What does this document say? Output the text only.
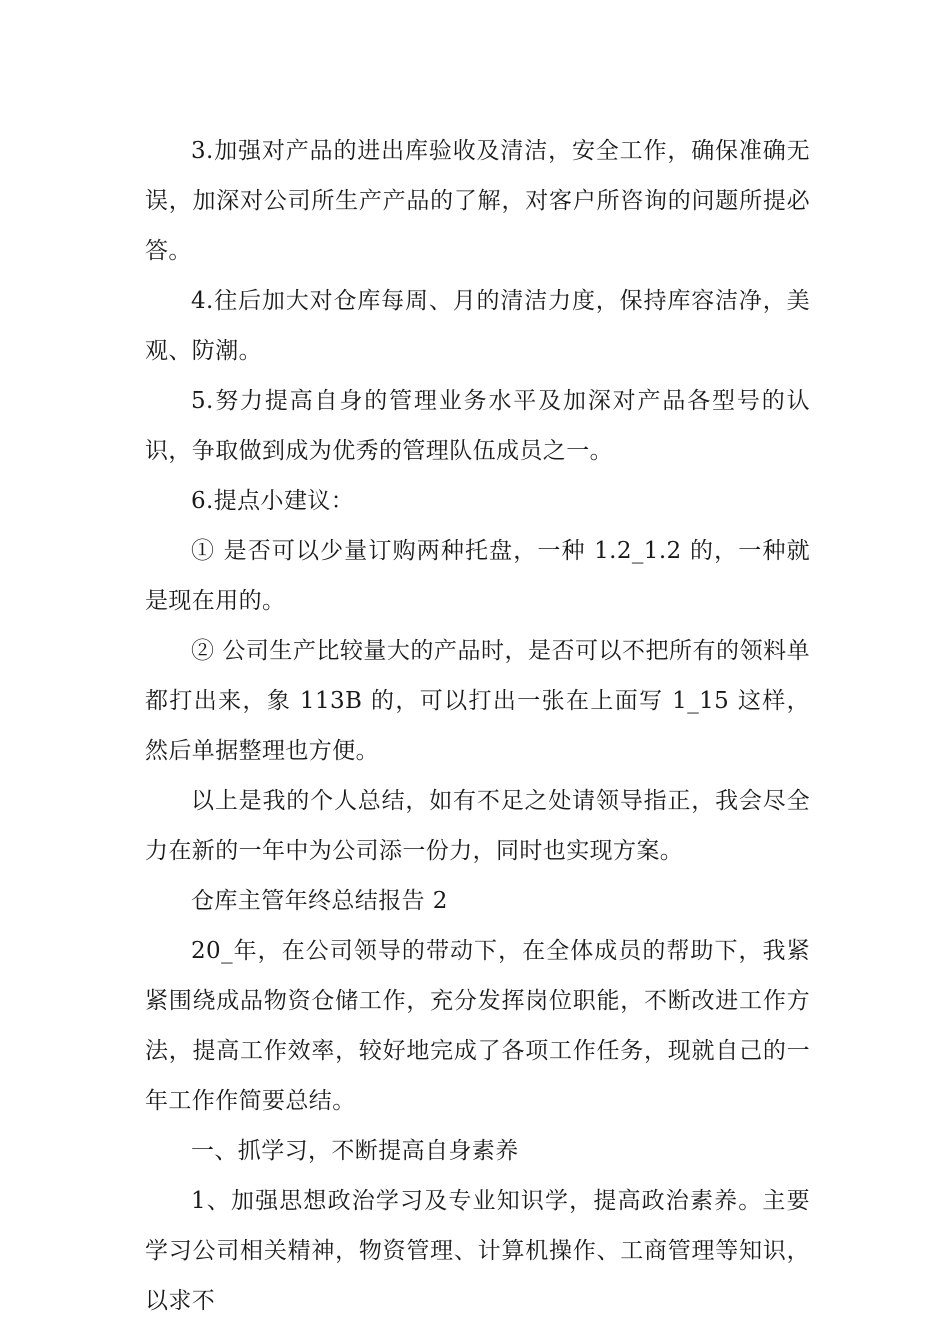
3.加强对产品的进出库验收及清洁，安全工作，确保准确无误，加深对公司所生产产品的了解，对客户所咨询的问题所提必答。

4.往后加大对仓库每周、月的清洁力度，保持库容洁净，美观、防潮。

5.努力提高自身的管理业务水平及加深对产品各型号的认识，争取做到成为优秀的管理队伍成员之一。

6.提点小建议：

① 是否可以少量订购两种托盘，一种 1.2_1.2 的，一种就是现在用的。

② 公司生产比较量大的产品时，是否可以不把所有的领料单都打出来，象 113B 的，可以打出一张在上面写 1_15 这样，然后单据整理也方便。

以上是我的个人总结，如有不足之处请领导指正，我会尽全力在新的一年中为公司添一份力，同时也实现方案。

仓库主管年终总结报告 2

20_年，在公司领导的带动下，在全体成员的帮助下，我紧紧围绕成品物资仓储工作，充分发挥岗位职能，不断改进工作方法，提高工作效率，较好地完成了各项工作任务，现就自己的一年工作作简要总结。

一、抓学习，不断提高自身素养

1、加强思想政治学习及专业知识学，提高政治素养。主要学习公司相关精神，物资管理、计算机操作、工商管理等知识，以求不
